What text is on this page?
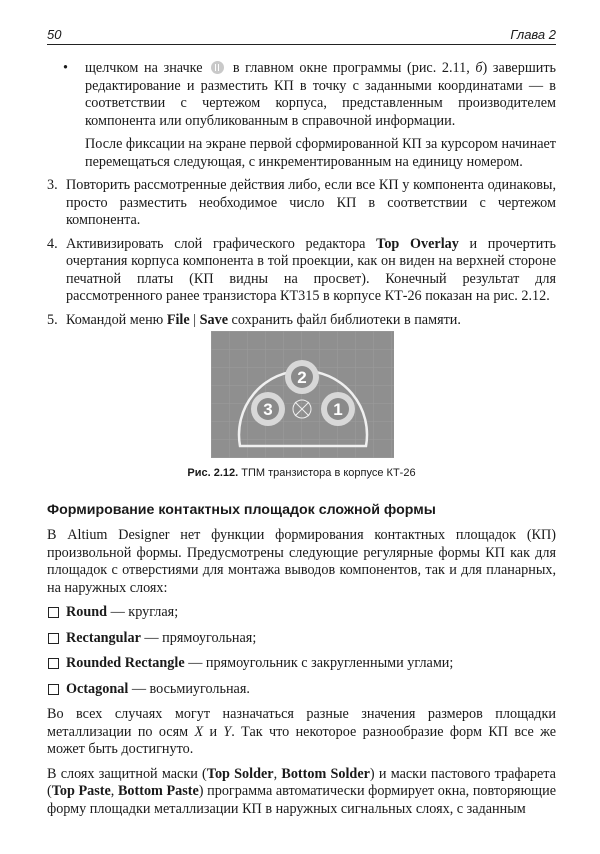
50	Глава 2

• щелчком на значке в главном окне программы (рис. 2.11, б) завершить редактирование и разместить КП в точку с заданными координатами — в соответствии с чертежом корпуса, представленным производителем компонента или опубликованным в справочной информации.

После фиксации на экране первой сформированной КП за курсором начинает перемещаться следующая, с инкрементированным на единицу номером.

3. Повторить рассмотренные действия либо, если все КП у компонента одинаковы, просто разместить необходимое число КП в соответствии с чертежом компонента.

4. Активизировать слой графического редактора Top Overlay и прочертить очертания корпуса компонента в той проекции, как он виден на верхней стороне печатной платы (КП видны на просвет). Конечный результат для рассмотренного ранее транзистора КТ315 в корпусе КТ-26 показан на рис. 2.12.

5. Командой меню File | Save сохранить файл библиотеки в памяти.

2
3	1
Рис. 2.12. ТПМ транзистора в корпусе КТ-26
Формирование контактных площадок сложной формы

В Altium Designer нет функции формирования контактных площадок (КП) произвольной формы. Предусмотрены следующие регулярные формы КП как для площадок с отверстиями для монтажа выводов компонентов, так и для планарных, на наружных слоях:

Round — круглая;

Rectangular — прямоугольная;

Rounded Rectangle — прямоугольник с закругленными углами;

Octagonal — восьмиугольная.

Во всех случаях могут назначаться разные значения размеров площадки металлизации по осям X и Y. Так что некоторое разнообразие форм КП все же может быть достигнуто.

В слоях защитной маски (Top Solder, Bottom Solder) и маски пастового трафарета (Top Paste, Bottom Paste) программа автоматически формирует окна, повторяющие форму площадки металлизации КП в наружных сигнальных слоях, с заданным
